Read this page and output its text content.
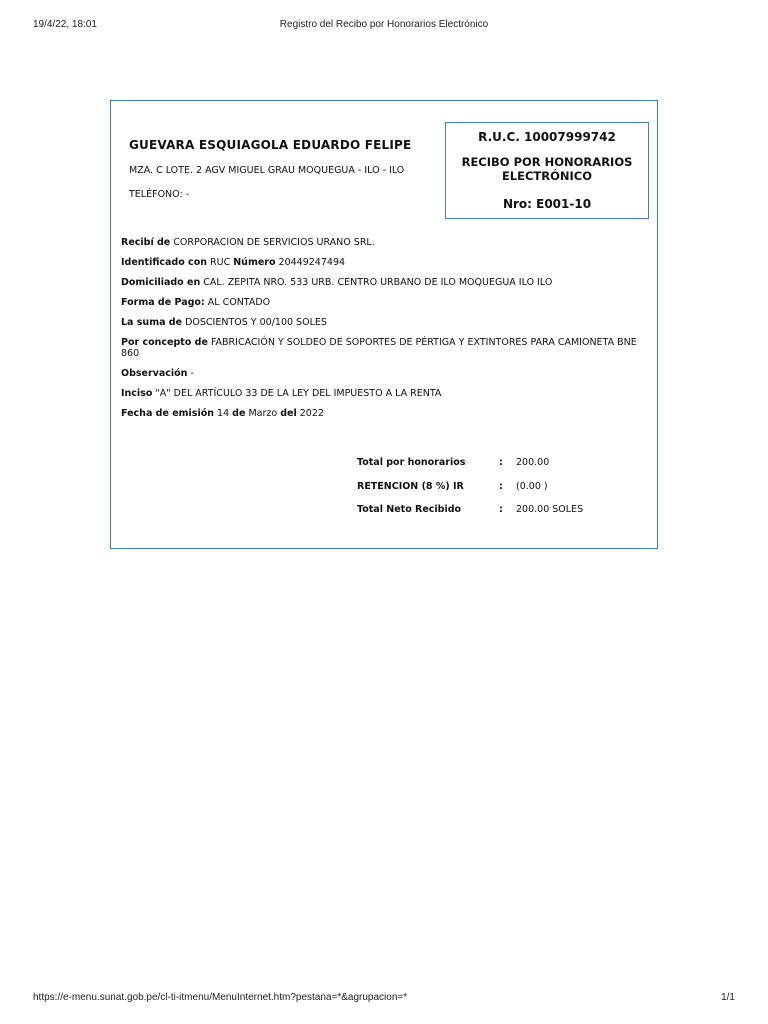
19/4/22, 18:01	Registro del Recibo por Honorarios Electrónico
GUEVARA ESQUIAGOLA EDUARDO FELIPE
MZA. C LOTE. 2 AGV MIGUEL GRAU MOQUEGUA - ILO - ILO
TELÉFONO: -
R.U.C. 10007999742
RECIBO POR HONORARIOS ELECTRÓNICO
Nro: E001-10
Recibí de CORPORACION DE SERVICIOS URANO SRL.
Identificado con RUC Número 20449247494
Domiciliado en CAL. ZEPITA NRO. 533 URB. CENTRO URBANO DE ILO MOQUEGUA ILO ILO
Forma de Pago: AL CONTADO
La suma de DOSCIENTOS Y 00/100 SOLES
Por concepto de FABRICACIÓN Y SOLDEO DE SOPORTES DE PÉRTIGA Y EXTINTORES PARA CAMIONETA BNE 860
Observación -
Inciso "A" DEL ARTÍCULO 33 DE LA LEY DEL IMPUESTO A LA RENTA
Fecha de emisión 14 de Marzo del 2022
Total por honorarios	: 200.00
RETENCION (8 %) IR	: (0.00 )
Total Neto Recibido	: 200.00 SOLES
https://e-menu.sunat.gob.pe/cl-ti-itmenu/MenuInternet.htm?pestana=*&agrupacion=*	1/1
